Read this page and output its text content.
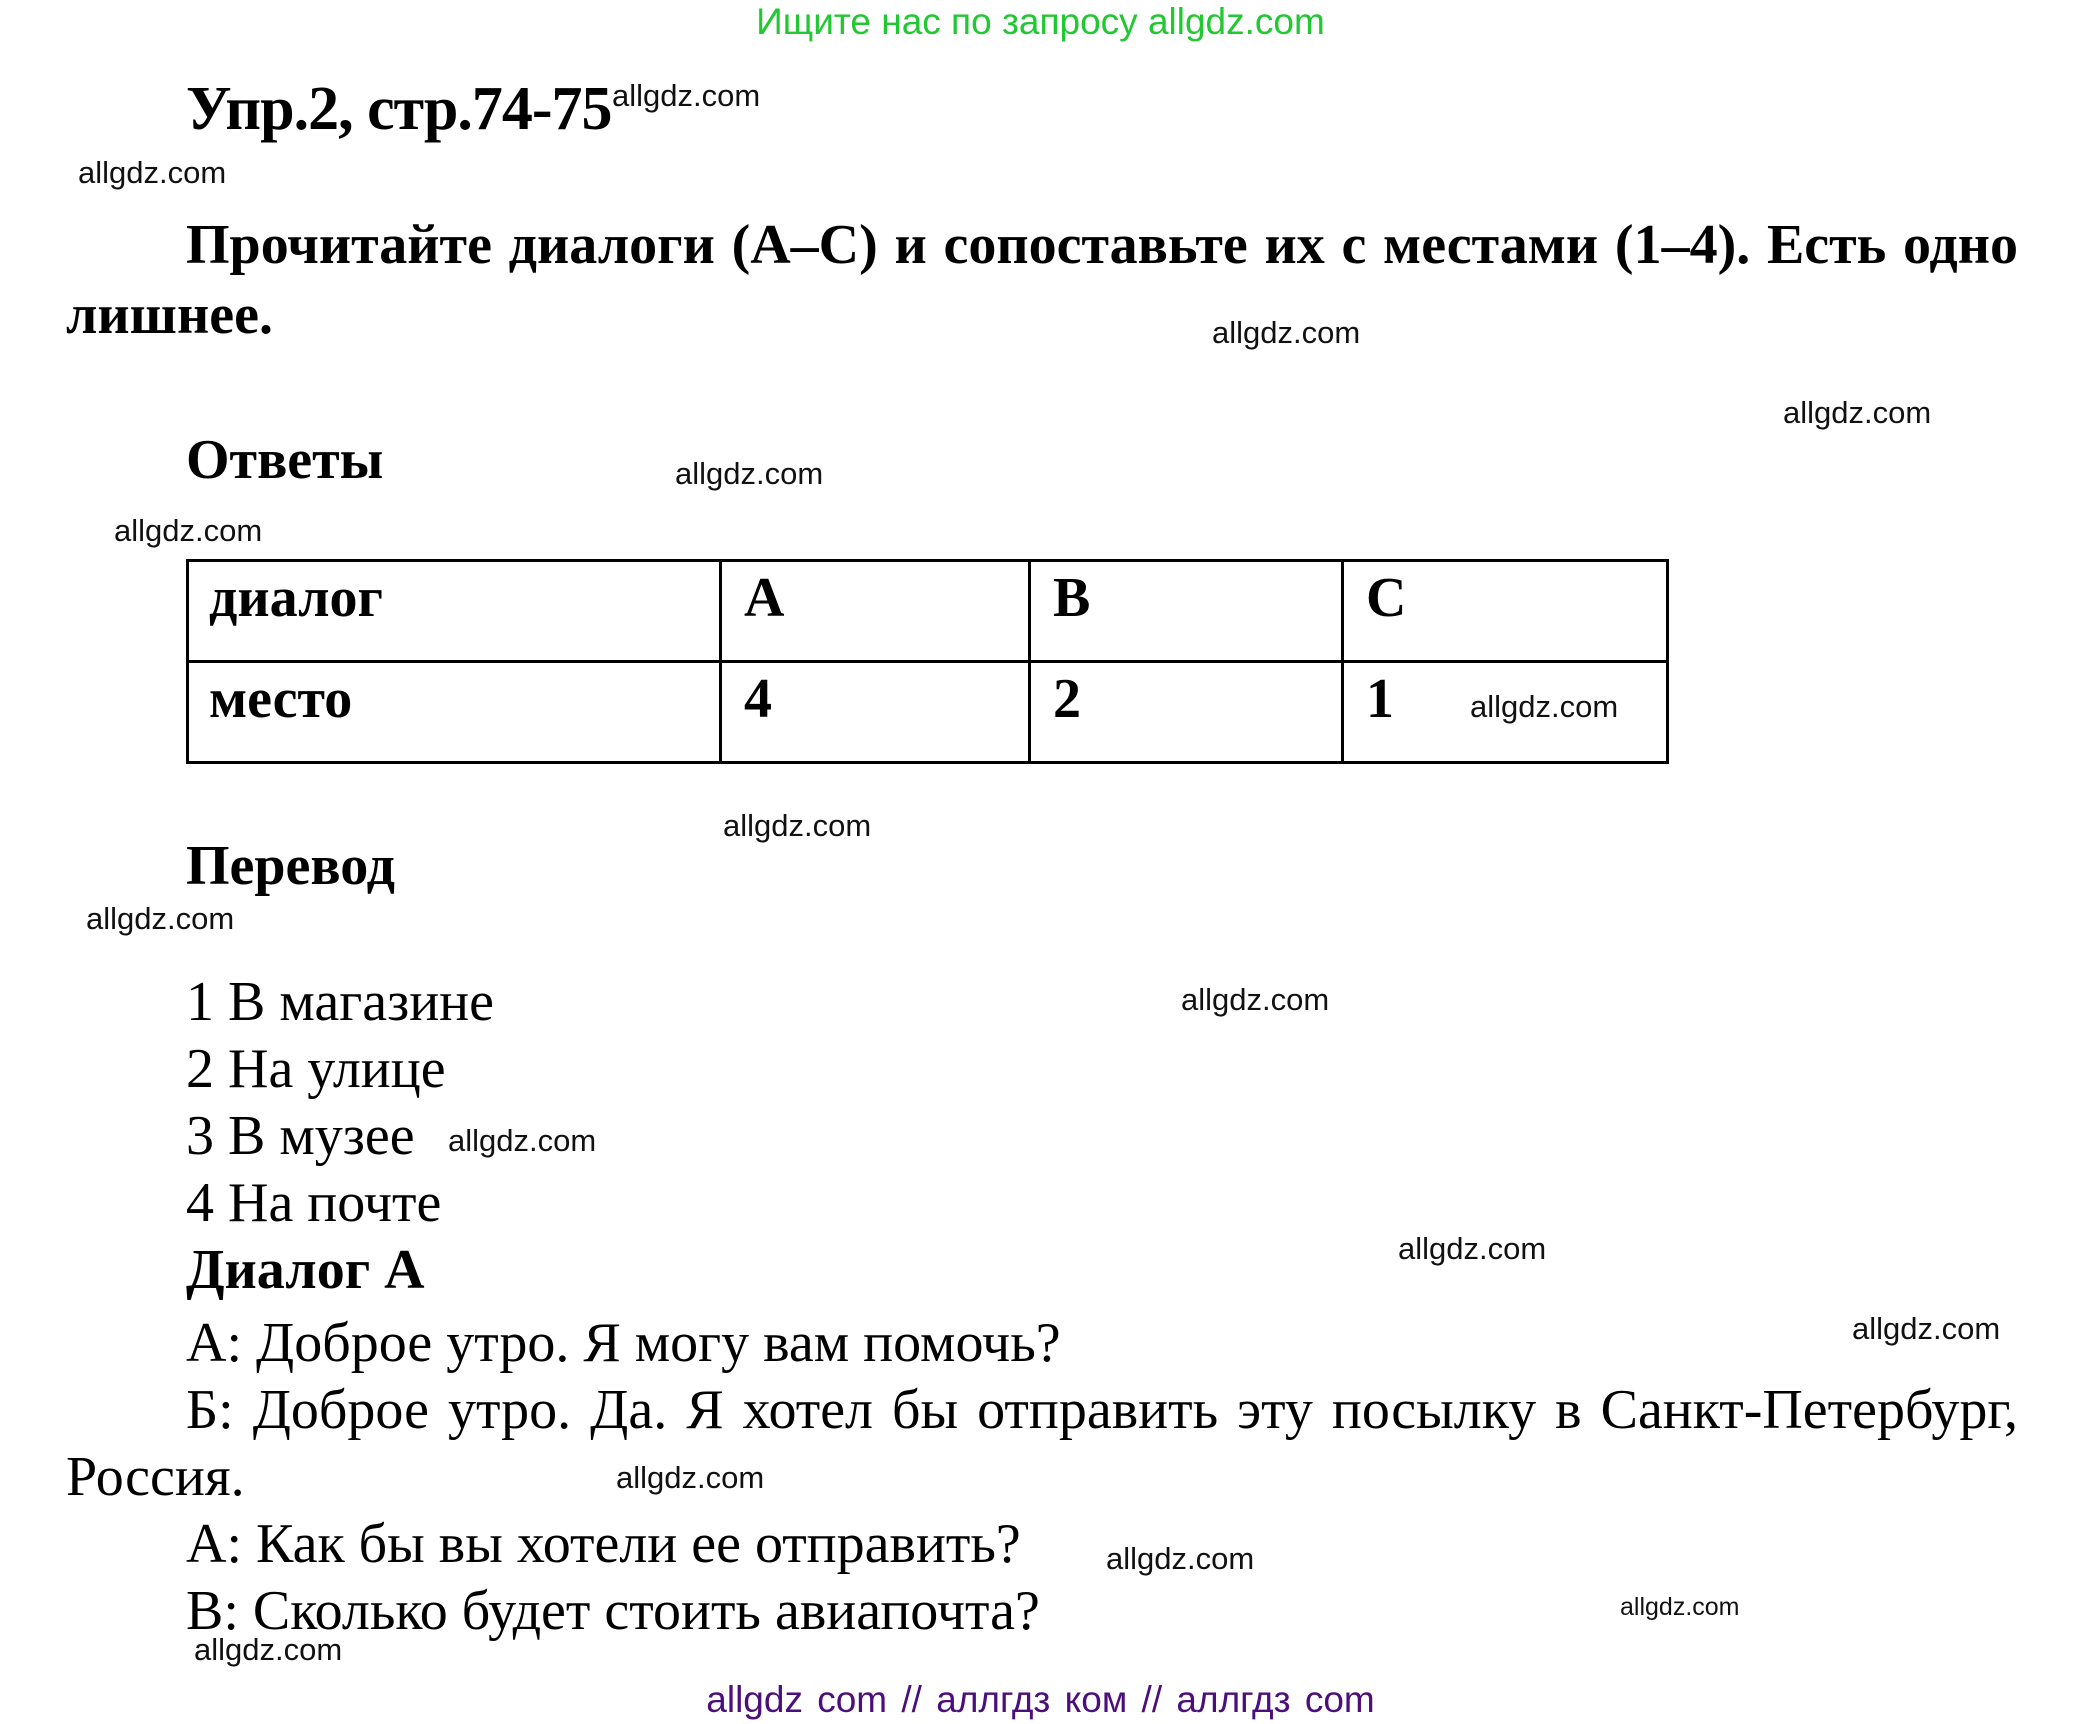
Ищите нас по запросу allgdz.com
Упр.2, стр.74-75
Прочитайте диалоги (A–C) и сопоставьте их с местами (1–4). Есть одно лишнее.
Ответы
диалог	A	B	C
место	4	2	1
Перевод
1 В магазине
2 На улице
3 В музее
4 На почте
Диалог A
A: Доброе утро. Я могу вам помочь?
Б: Доброе утро. Да. Я хотел бы отправить эту посылку в Санкт-Петербург, Россия.
A: Как бы вы хотели ее отправить?
B: Сколько будет стоить авиапочта?
allgdz.com
allgdz.com
allgdz.com
allgdz.com
allgdz.com
allgdz.com
allgdz.com
allgdz.com
allgdz.com
allgdz.com
allgdz.com
allgdz.com
allgdz.com
allgdz.com
allgdz.com
allgdz.com
allgdz.com
allgdz com // аллгдз ком // аллгдз com
